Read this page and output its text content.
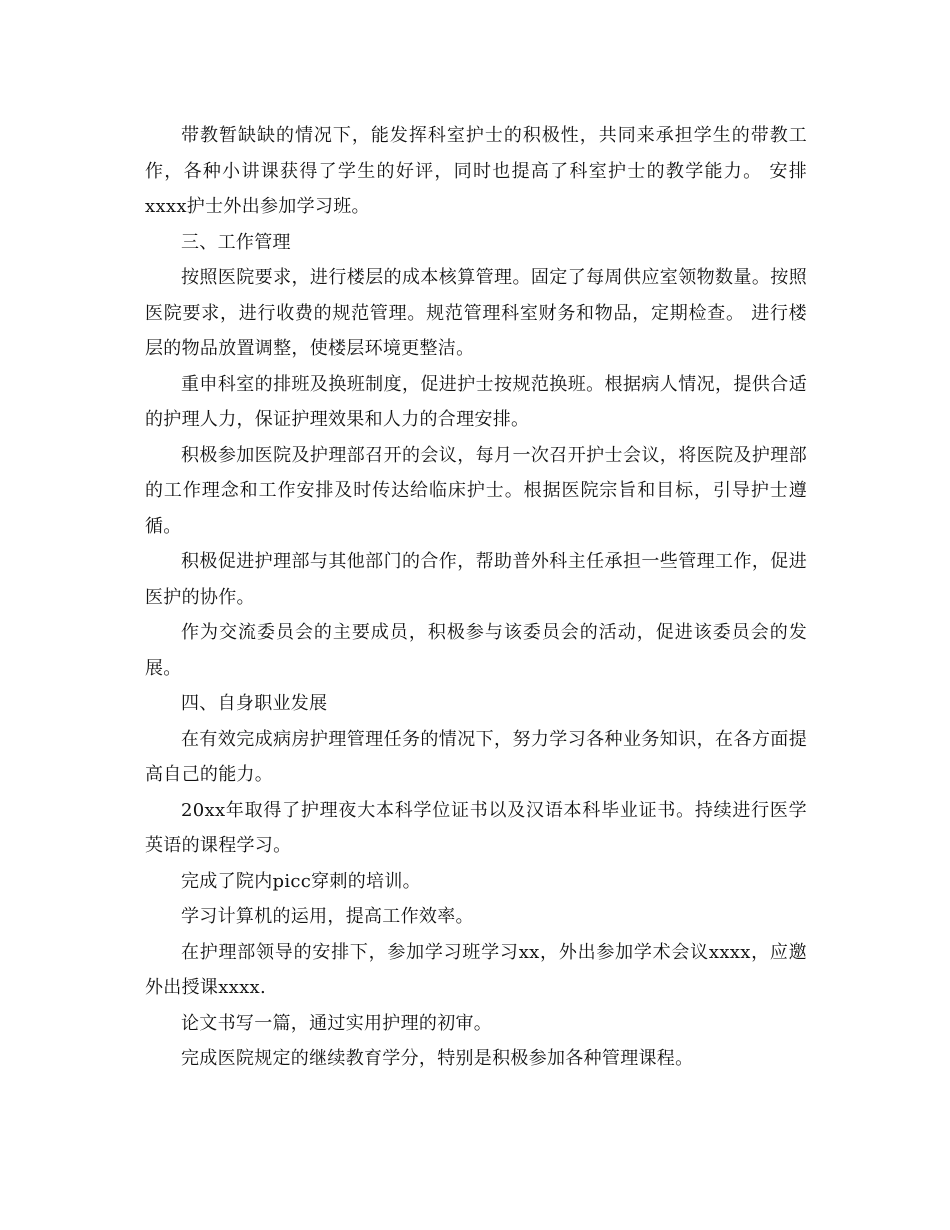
带教暂缺缺的情况下，能发挥科室护士的积极性，共同来承担学生的带教工作，各种小讲课获得了学生的好评，同时也提高了科室护士的教学能力。 安排xxxx护士外出参加学习班。

三、工作管理

按照医院要求，进行楼层的成本核算管理。固定了每周供应室领物数量。按照医院要求，进行收费的规范管理。规范管理科室财务和物品，定期检查。 进行楼层的物品放置调整，使楼层环境更整洁。

重申科室的排班及换班制度，促进护士按规范换班。根据病人情况，提供合适的护理人力，保证护理效果和人力的合理安排。

积极参加医院及护理部召开的会议，每月一次召开护士会议，将医院及护理部的工作理念和工作安排及时传达给临床护士。根据医院宗旨和目标，引导护士遵循。

积极促进护理部与其他部门的合作，帮助普外科主任承担一些管理工作，促进医护的协作。

作为交流委员会的主要成员，积极参与该委员会的活动，促进该委员会的发展。

四、自身职业发展

在有效完成病房护理管理任务的情况下，努力学习各种业务知识，在各方面提高自己的能力。

20xx年取得了护理夜大本科学位证书以及汉语本科毕业证书。持续进行医学英语的课程学习。

完成了院内picc穿刺的培训。

学习计算机的运用，提高工作效率。

在护理部领导的安排下，参加学习班学习xx，外出参加学术会议xxxx，应邀外出授课xxxx.

论文书写一篇，通过实用护理的初审。

完成医院规定的继续教育学分，特别是积极参加各种管理课程。
